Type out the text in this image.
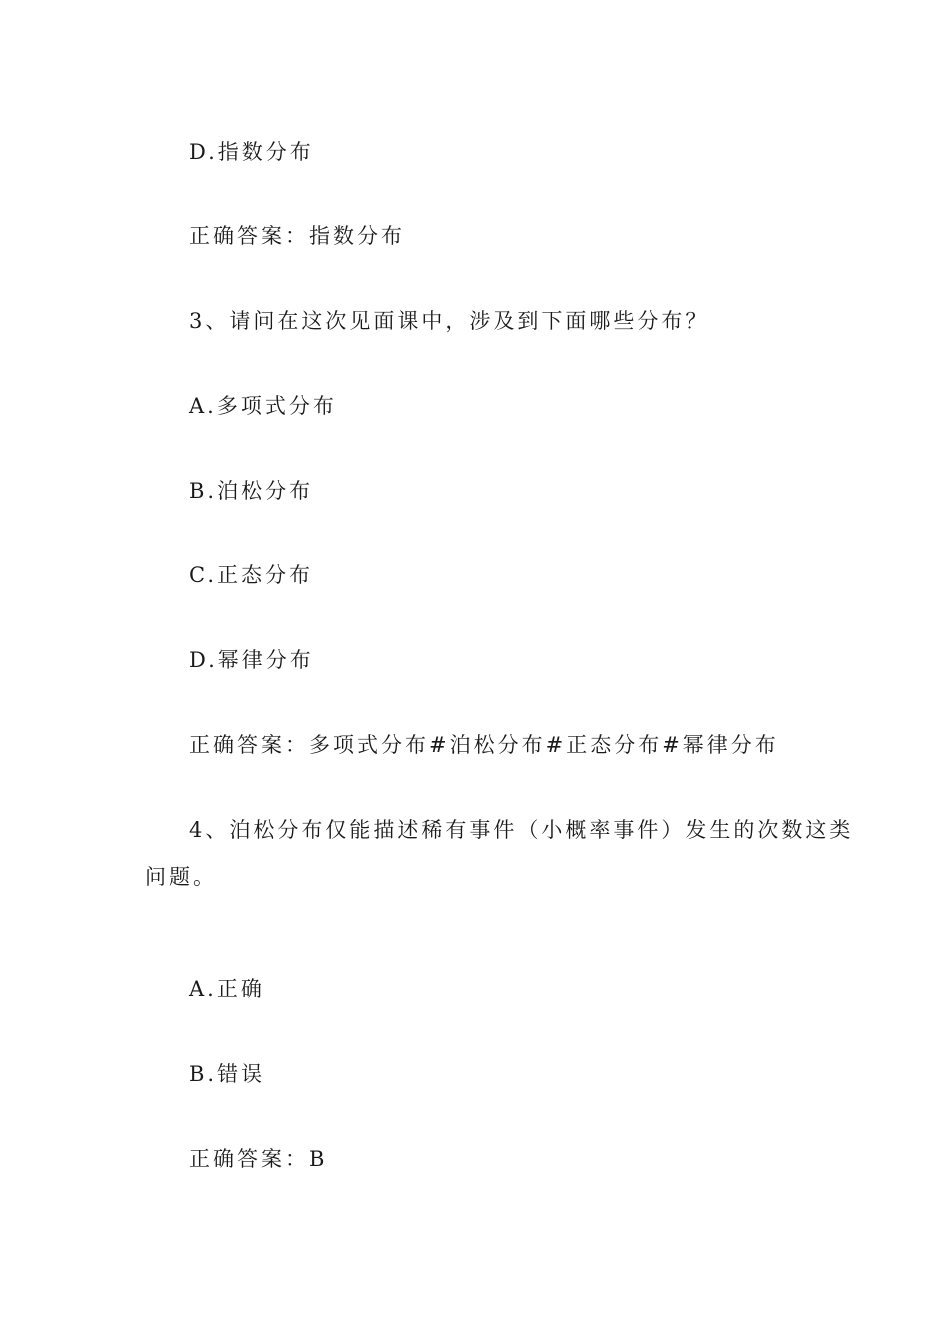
D.指数分布
正确答案：指数分布
3、请问在这次见面课中，涉及到下面哪些分布？
A.多项式分布
B.泊松分布
C.正态分布
D.幂律分布
正确答案：多项式分布#泊松分布#正态分布#幂律分布
4、泊松分布仅能描述稀有事件（小概率事件）发生的次数这类
问题。
A.正确
B.错误
正确答案：B
